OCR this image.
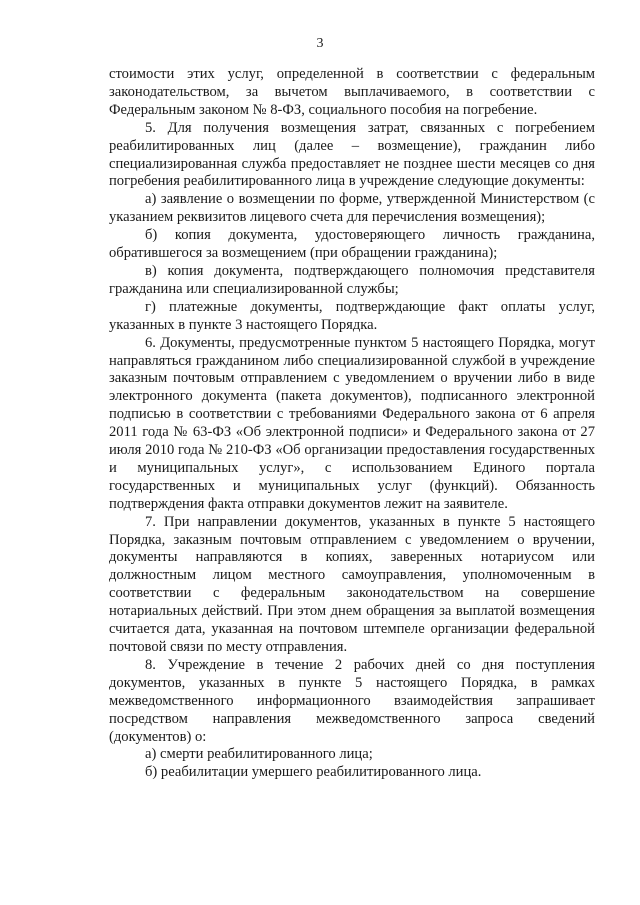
3

стоимости этих услуг, определенной в соответствии с федеральным законодательством, за вычетом выплачиваемого, в соответствии с Федеральным законом № 8-ФЗ, социального пособия на погребение.

5. Для получения возмещения затрат, связанных с погребением реабилитированных лиц (далее – возмещение), гражданин либо специализированная служба предоставляет не позднее шести месяцев со дня погребения реабилитированного лица в учреждение следующие документы:

а) заявление о возмещении по форме, утвержденной Министерством (с указанием реквизитов лицевого счета для перечисления возмещения);

б) копия документа, удостоверяющего личность гражданина, обратившегося за возмещением (при обращении гражданина);

в) копия документа, подтверждающего полномочия представителя гражданина или специализированной службы;

г) платежные документы, подтверждающие факт оплаты услуг, указанных в пункте 3 настоящего Порядка.

6. Документы, предусмотренные пунктом 5 настоящего Порядка, могут направляться гражданином либо специализированной службой в учреждение заказным почтовым отправлением с уведомлением о вручении либо в виде электронного документа (пакета документов), подписанного электронной подписью в соответствии с требованиями Федерального закона от 6 апреля 2011 года № 63-ФЗ «Об электронной подписи» и Федерального закона от 27 июля 2010 года № 210-ФЗ «Об организации предоставления государственных и муниципальных услуг», с использованием Единого портала государственных и муниципальных услуг (функций). Обязанность подтверждения факта отправки документов лежит на заявителе.

7. При направлении документов, указанных в пункте 5 настоящего Порядка, заказным почтовым отправлением с уведомлением о вручении, документы направляются в копиях, заверенных нотариусом или должностным лицом местного самоуправления, уполномоченным в соответствии с федеральным законодательством на совершение нотариальных действий. При этом днем обращения за выплатой возмещения считается дата, указанная на почтовом штемпеле организации федеральной почтовой связи по месту отправления.

8. Учреждение в течение 2 рабочих дней со дня поступления документов, указанных в пункте 5 настоящего Порядка, в рамках межведомственного информационного взаимодействия запрашивает посредством направления межведомственного запроса сведений (документов) о:

а) смерти реабилитированного лица;

б) реабилитации умершего реабилитированного лица.
